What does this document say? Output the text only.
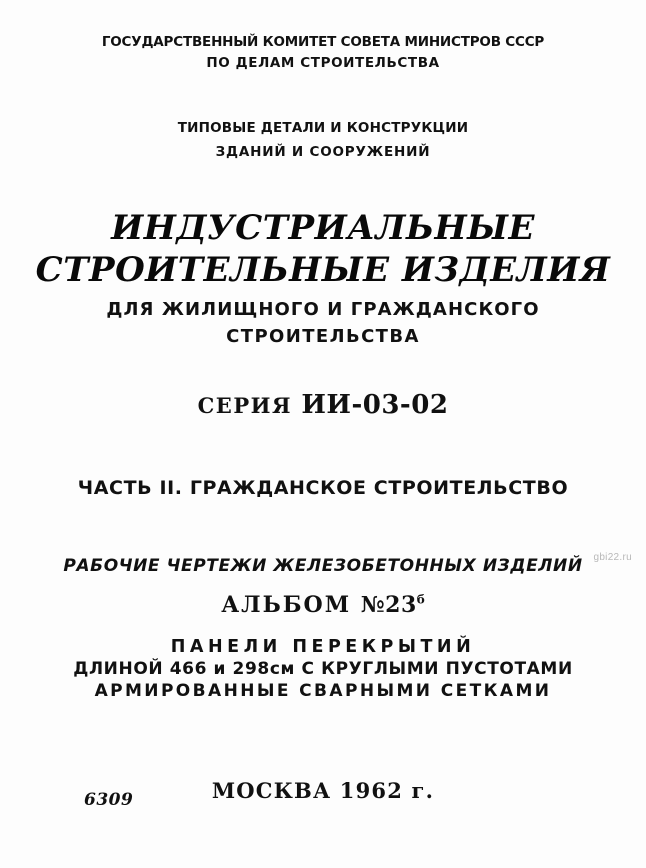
ГОСУДАРСТВЕННЫЙ КОМИТЕТ СОВЕТА МИНИСТРОВ СССР
ПО ДЕЛАМ СТРОИТЕЛЬСТВА
ТИПОВЫЕ ДЕТАЛИ И КОНСТРУКЦИИ
ЗДАНИЙ И СООРУЖЕНИЙ
ИНДУСТРИАЛЬНЫЕ
СТРОИТЕЛЬНЫЕ ИЗДЕЛИЯ
ДЛЯ ЖИЛИЩНОГО И ГРАЖДАНСКОГО
СТРОИТЕЛЬСТВА
СЕРИЯ ИИ-03-02
ЧАСТЬ II. ГРАЖДАНСКОЕ СТРОИТЕЛЬСТВО
РАБОЧИЕ ЧЕРТЕЖИ ЖЕЛЕЗОБЕТОННЫХ ИЗДЕЛИЙ
АЛЬБОМ $№23^б$
ПАНЕЛИ ПЕРЕКРЫТИЙ
ДЛИНОЙ 466 и 298см С КРУГЛЫМИ ПУСТОТАМИ
АРМИРОВАННЫЕ СВАРНЫМИ СЕТКАМИ
МОСКВА 1962 г.
6309
gbi22.ru
